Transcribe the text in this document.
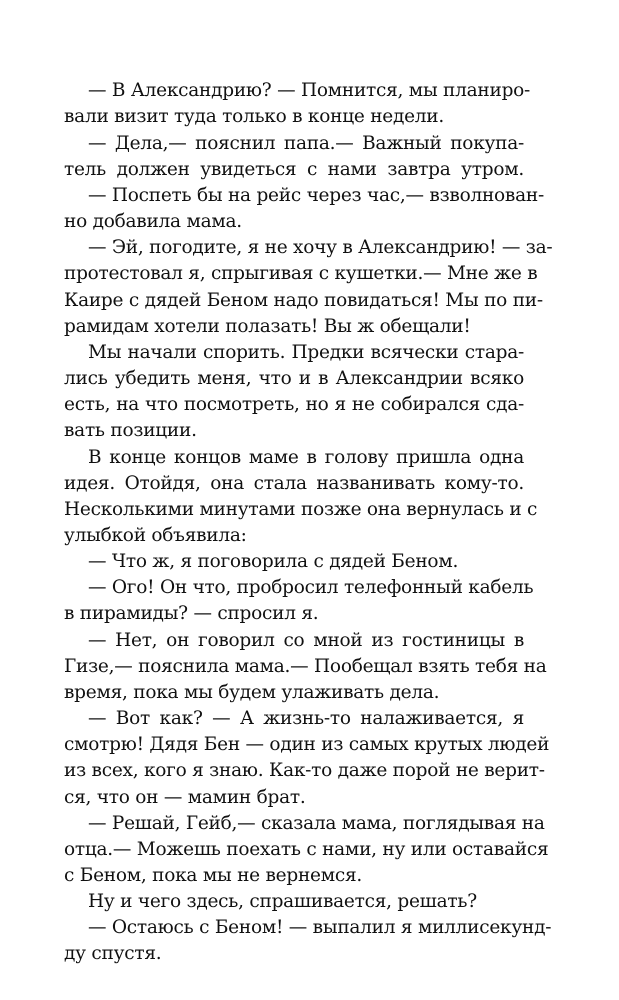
— В Александрию? — Помнится, мы планиро-
вали визит туда только в конце недели.
— Дела,— пояснил папа.— Важный покупа-
тель должен увидеться с нами завтра утром.
— Поспеть бы на рейс через час,— взволнован-
но добавила мама.
— Эй, погодите, я не хочу в Александрию! — за-
протестовал я, спрыгивая с кушетки.— Мне же в
Каире с дядей Беном надо повидаться! Мы по пи-
рамидам хотели полазать! Вы ж обещали!
Мы начали спорить. Предки всячески стара-
лись убедить меня, что и в Александрии всяко
есть, на что посмотреть, но я не собирался сда-
вать позиции.
В конце концов маме в голову пришла одна
идея. Отойдя, она стала названивать кому-то.
Несколькими минутами позже она вернулась и с
улыбкой объявила:
— Что ж, я поговорила с дядей Беном.
— Ого! Он что, пробросил телефонный кабель
в пирамиды? — спросил я.
— Нет, он говорил со мной из гостиницы в
Гизе,— пояснила мама.— Пообещал взять тебя на
время, пока мы будем улаживать дела.
— Вот как? — А жизнь-то налаживается, я
смотрю! Дядя Бен — один из самых крутых людей
из всех, кого я знаю. Как-то даже порой не верит-
ся, что он — мамин брат.
— Решай, Гейб,— сказала мама, поглядывая на
отца.— Можешь поехать с нами, ну или оставайся
с Беном, пока мы не вернемся.
Ну и чего здесь, спрашивается, решать?
— Остаюсь с Беном! — выпалил я миллисекунд-
ду спустя.
